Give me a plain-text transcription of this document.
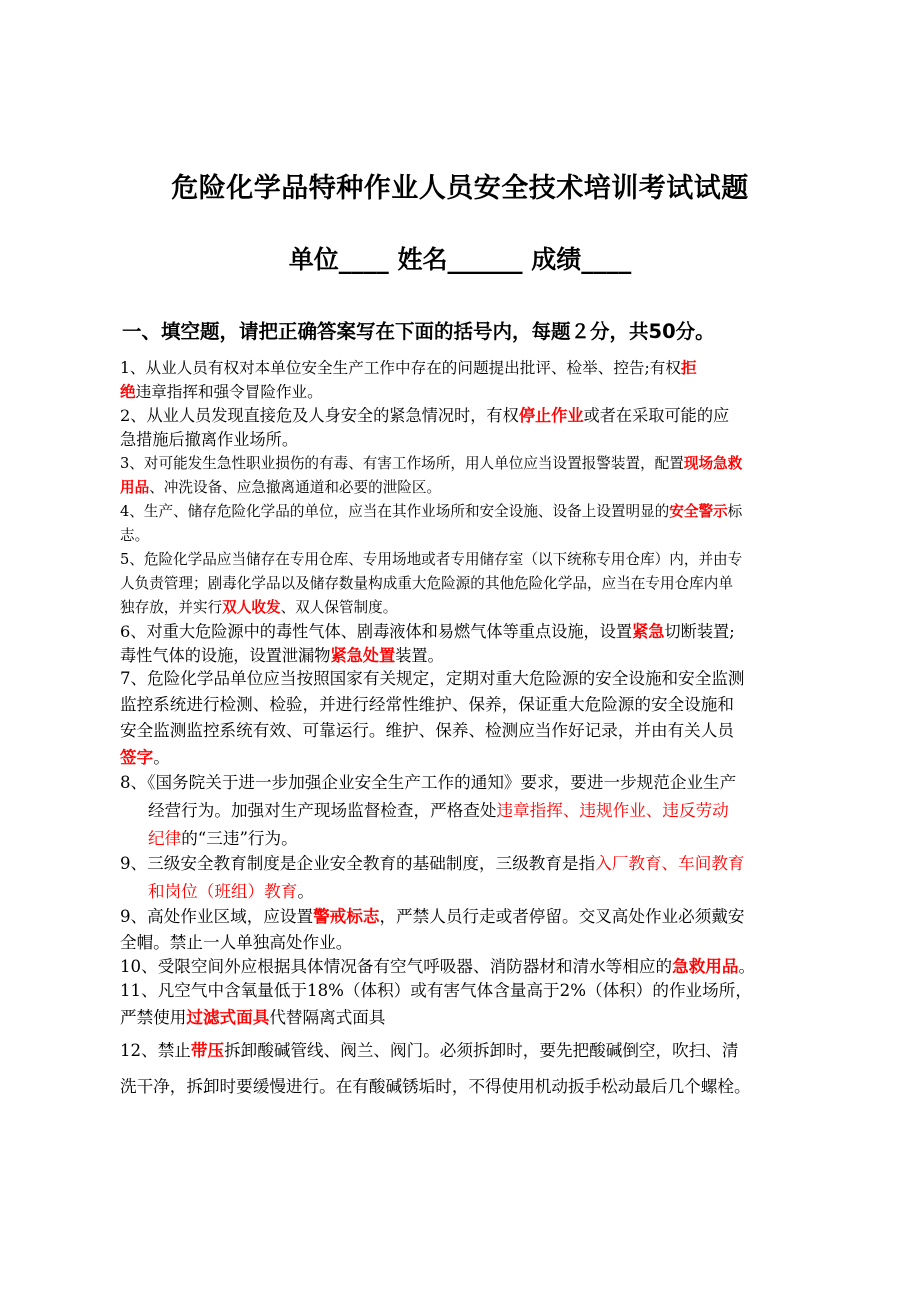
危险化学品特种作业人员安全技术培训考试试题
单位____ 姓名______ 成绩____
一、填空题，请把正确答案写在下面的括号内，每题２分，共50分。
1、从业人员有权对本单位安全生产工作中存在的问题提出批评、检举、控告;有权拒
绝违章指挥和强令冒险作业。
2、从业人员发现直接危及人身安全的紧急情况时，有权停止作业或者在采取可能的应
急措施后撤离作业场所。
3、对可能发生急性职业损伤的有毒、有害工作场所，用人单位应当设置报警装置，配置现场急救
用品、冲洗设备、应急撤离通道和必要的泄险区。
4、生产、储存危险化学品的单位，应当在其作业场所和安全设施、设备上设置明显的安全警示标
志。
5、危险化学品应当储存在专用仓库、专用场地或者专用储存室（以下统称专用仓库）内，并由专
人负责管理；剧毒化学品以及储存数量构成重大危险源的其他危险化学品，应当在专用仓库内单
独存放，并实行双人收发、双人保管制度。
6、对重大危险源中的毒性气体、剧毒液体和易燃气体等重点设施，设置紧急切断装置;
毒性气体的设施，设置泄漏物紧急处置装置。
7、危险化学品单位应当按照国家有关规定，定期对重大危险源的安全设施和安全监测
监控系统进行检测、检验，并进行经常性维护、保养，保证重大危险源的安全设施和
安全监测监控系统有效、可靠运行。维护、保养、检测应当作好记录，并由有关人员
签字。
8、《国务院关于进一步加强企业安全生产工作的通知》要求，要进一步规范企业生产
经营行为。加强对生产现场监督检查，严格查处违章指挥、违规作业、违反劳动
纪律的“三违”行为。
9、三级安全教育制度是企业安全教育的基础制度，三级教育是指入厂教育、车间教育
和岗位（班组）教育。
9、高处作业区域，应设置警戒标志，严禁人员行走或者停留。交叉高处作业必须戴安
全帽。禁止一人单独高处作业。
10、受限空间外应根据具体情况备有空气呼吸器、消防器材和清水等相应的急救用品。
11、凡空气中含氧量低于18%（体积）或有害气体含量高于2%（体积）的作业场所，
严禁使用过滤式面具代替隔离式面具
12、禁止带压拆卸酸碱管线、阀兰、阀门。必须拆卸时，要先把酸碱倒空，吹扫、清
洗干净，拆卸时要缓慢进行。在有酸碱锈垢时，不得使用机动扳手松动最后几个螺栓。
